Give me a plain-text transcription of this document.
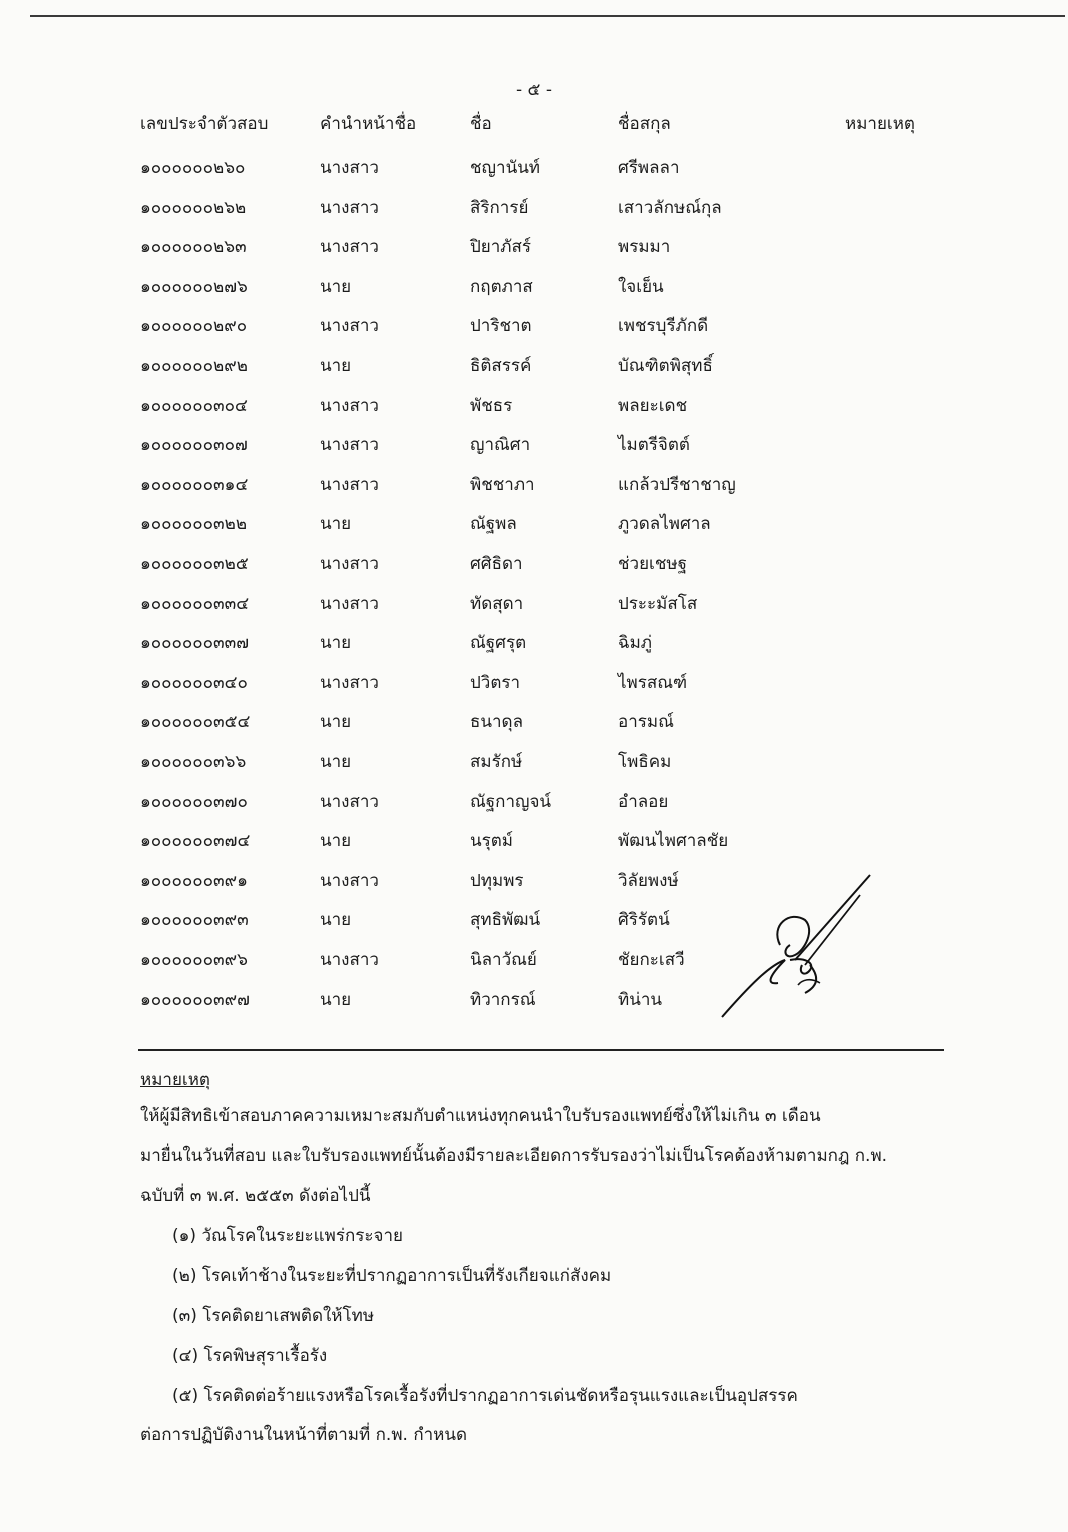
- ๕ -
เลขประจำตัวสอบ	คำนำหน้าชื่อ	ชื่อ	ชื่อสกุล	หมายเหตุ
๑๐๐๐๐๐๐๒๖๐	นางสาว	ชญานันท์	ศรีพลลา
๑๐๐๐๐๐๐๒๖๒	นางสาว	สิริการย์	เสาวลักษณ์กุล
๑๐๐๐๐๐๐๒๖๓	นางสาว	ปิยาภัสร์	พรมมา
๑๐๐๐๐๐๐๒๗๖	นาย	กฤตภาส	ใจเย็น
๑๐๐๐๐๐๐๒๙๐	นางสาว	ปาริชาต	เพชรบุรีภักดี
๑๐๐๐๐๐๐๒๙๒	นาย	ธิติสรรค์	บัณฑิตพิสุทธิ์
๑๐๐๐๐๐๐๓๐๔	นางสาว	พัชธร	พลยะเดช
๑๐๐๐๐๐๐๓๐๗	นางสาว	ญาณิศา	ไมตรีจิตต์
๑๐๐๐๐๐๐๓๑๔	นางสาว	พิชชาภา	แกล้วปรีชาชาญ
๑๐๐๐๐๐๐๓๒๒	นาย	ณัฐพล	ภูวดลไพศาล
๑๐๐๐๐๐๐๓๒๕	นางสาว	ศศิธิดา	ช่วยเชษฐ
๑๐๐๐๐๐๐๓๓๔	นางสาว	ทัดสุดา	ประะมัสโส
๑๐๐๐๐๐๐๓๓๗	นาย	ณัฐศรุต	ฉิมภู่
๑๐๐๐๐๐๐๓๔๐	นางสาว	ปวิตรา	ไพรสณฑ์
๑๐๐๐๐๐๐๓๕๔	นาย	ธนาดุล	อารมณ์
๑๐๐๐๐๐๐๓๖๖	นาย	สมรักษ์	โพธิคม
๑๐๐๐๐๐๐๓๗๐	นางสาว	ณัฐกาญจน์	อำลอย
๑๐๐๐๐๐๐๓๗๔	นาย	นรุตม์	พัฒนไพศาลชัย
๑๐๐๐๐๐๐๓๙๑	นางสาว	ปทุมพร	วิลัยพงษ์
๑๐๐๐๐๐๐๓๙๓	นาย	สุทธิพัฒน์	ศิริรัตน์
๑๐๐๐๐๐๐๓๙๖	นางสาว	นิลาวัณย์	ชัยกะเสวี
๑๐๐๐๐๐๐๓๙๗	นาย	ทิวากรณ์	ทิน่าน
หมายเหตุ
ให้ผู้มีสิทธิเข้าสอบภาคความเหมาะสมกับตำแหน่งทุกคนนำใบรับรองแพทย์ซึ่งให้ไม่เกิน ๓ เดือน
มายื่นในวันที่สอบ และใบรับรองแพทย์นั้นต้องมีรายละเอียดการรับรองว่าไม่เป็นโรคต้องห้ามตามกฎ ก.พ.
ฉบับที่ ๓ พ.ศ. ๒๕๕๓ ดังต่อไปนี้
(๑) วัณโรคในระยะแพร่กระจาย
(๒) โรคเท้าช้างในระยะที่ปรากฏอาการเป็นที่รังเกียจแก่สังคม
(๓) โรคติดยาเสพติดให้โทษ
(๔) โรคพิษสุราเรื้อรัง
(๕) โรคติดต่อร้ายแรงหรือโรคเรื้อรังที่ปรากฏอาการเด่นชัดหรือรุนแรงและเป็นอุปสรรค
ต่อการปฏิบัติงานในหน้าที่ตามที่ ก.พ. กำหนด
